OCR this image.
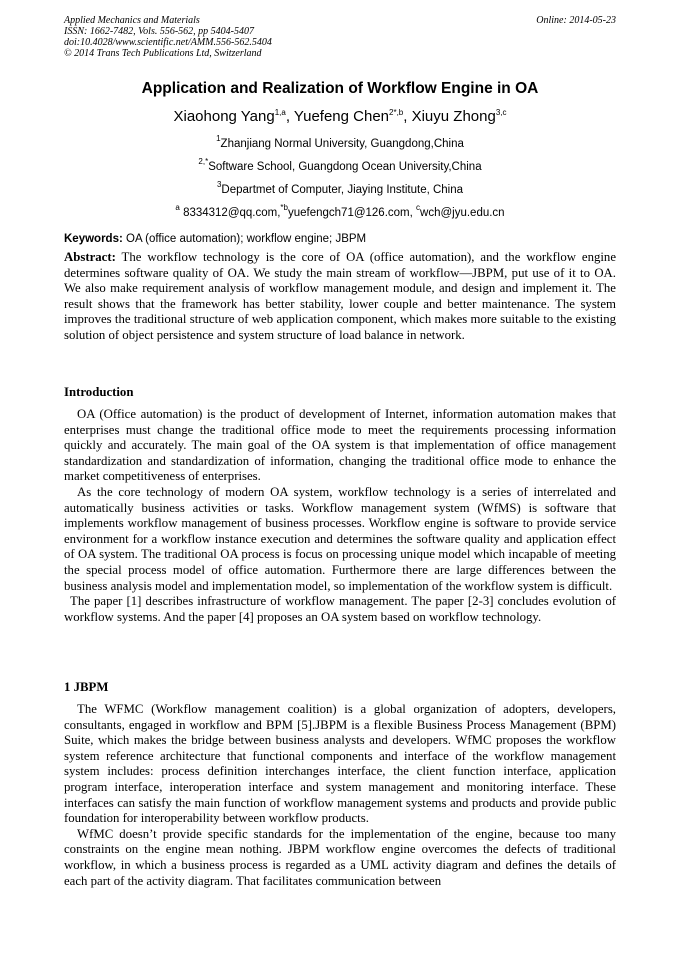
Applied Mechanics and Materials
ISSN: 1662-7482, Vols. 556-562, pp 5404-5407
doi:10.4028/www.scientific.net/AMM.556-562.5404
© 2014 Trans Tech Publications Ltd, Switzerland
Online: 2014-05-23
Application and Realization of Workflow Engine in OA
Xiaohong Yang$^{1,a}$, Yuefeng Chen$^{2*,b}$, Xiuyu Zhong$^{3,c}$
$^1$Zhanjiang Normal University, Guangdong,China
$^{2,*}$Software School, Guangdong Ocean University,China
$^3$Departmet of Computer, Jiaying Institute, China
$^a$ 8334312@qq.com,$^{*b}$yuefengch71@126.com, $^c$wch@jyu.edu.cn
Keywords: OA (office automation); workflow engine; JBPM

Abstract: The workflow technology is the core of OA (office automation), and the workflow engine determines software quality of OA. We study the main stream of workflow—JBPM, put use of it to OA. We also make requirement analysis of workflow management module, and design and implement it. The result shows that the framework has better stability, lower couple and better maintenance. The system improves the traditional structure of web application component, which makes more suitable to the existing solution of object persistence and system structure of load balance in network.

Introduction

OA (Office automation) is the product of development of Internet, information automation makes that enterprises must change the traditional office mode to meet the requirements processing information quickly and accurately. The main goal of the OA system is that implementation of office management standardization and standardization of information, changing the traditional office mode to enhance the market competitiveness of enterprises.

As the core technology of modern OA system, workflow technology is a series of interrelated and automatically business activities or tasks. Workflow management system (WfMS) is software that implements workflow management of business processes. Workflow engine is software to provide service environment for a workflow instance execution and determines the software quality and application effect of OA system. The traditional OA process is focus on processing unique model which incapable of meeting the special process model of office automation. Furthermore there are large differences between the business analysis model and implementation model, so implementation of the workflow system is difficult.

The paper [1] describes infrastructure of workflow management. The paper [2-3] concludes evolution of workflow systems. And the paper [4] proposes an OA system based on workflow technology.

1 JBPM

The WFMC (Workflow management coalition) is a global organization of adopters, developers, consultants, engaged in workflow and BPM [5].JBPM is a flexible Business Process Management (BPM) Suite, which makes the bridge between business analysts and developers. WfMC proposes the workflow system reference architecture that functional components and interface of the workflow management system includes: process definition interchanges interface, the client function interface, application program interface, interoperation interface and system management and monitoring interface. These interfaces can satisfy the main function of workflow management systems and products and provide public foundation for interoperability between workflow products.

WfMC doesn’t provide specific standards for the implementation of the engine, because too many constraints on the engine mean nothing. JBPM workflow engine overcomes the defects of traditional workflow, in which a business process is regarded as a UML activity diagram and defines the details of each part of the activity diagram. That facilitates communication between
